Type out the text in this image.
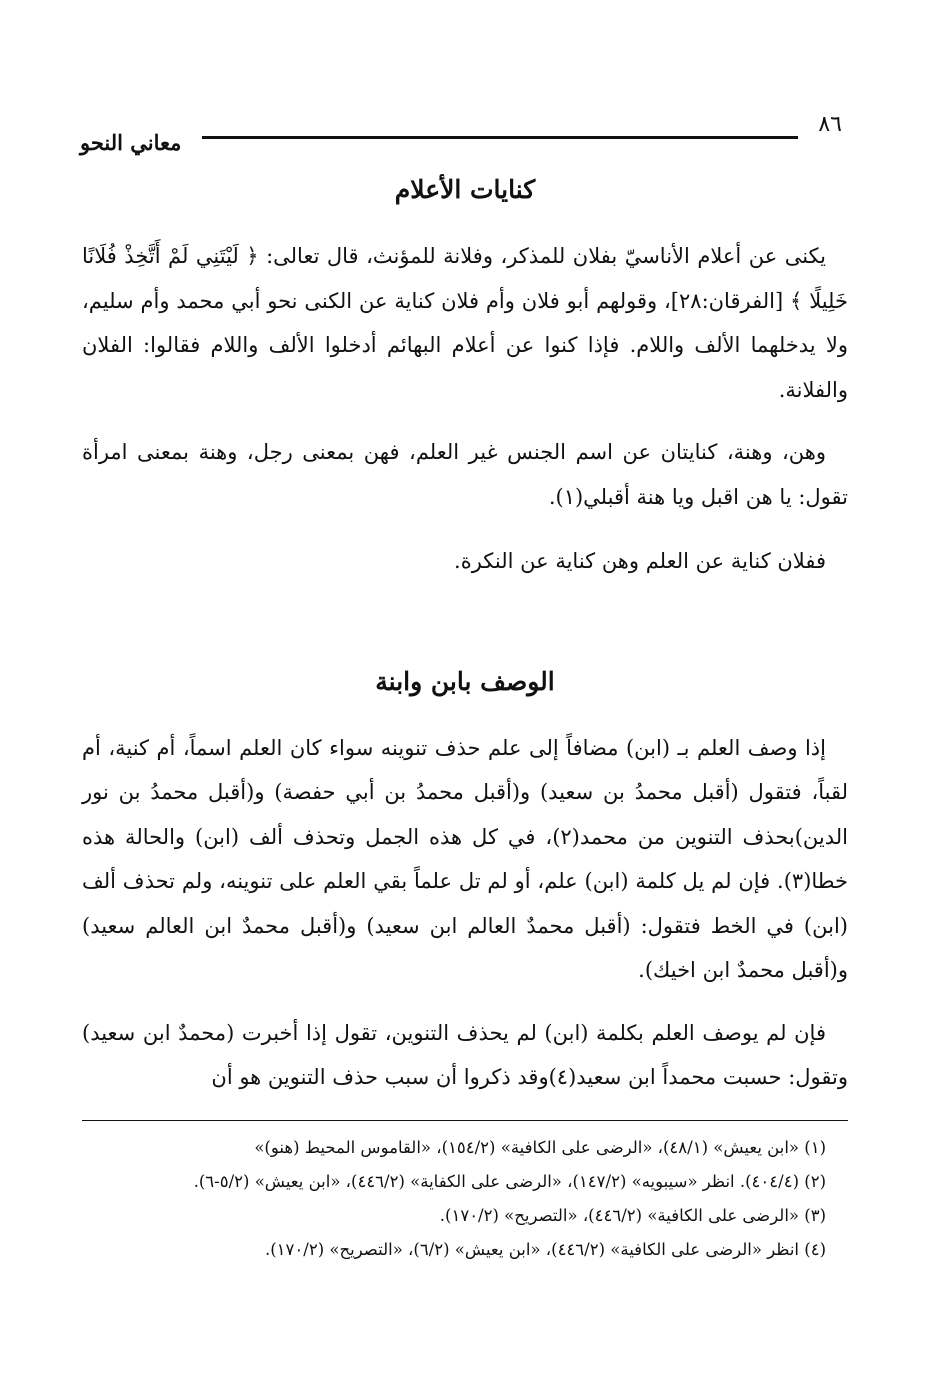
٨٦
معاني النحو
كنايات الأعلام

يكنى عن أعلام الأناسيّ بفلان للمذكر، وفلانة للمؤنث، قال تعالى: ﴿ لَيْتَنِي لَمْ أَتَّخِذْ فُلَانًا خَلِيلًا ﴾ [الفرقان:٢٨]، وقولهم أبو فلان وأم فلان كناية عن الكنى نحو أبي محمد وأم سليم، ولا يدخلهما الألف واللام. فإذا كنوا عن أعلام البهائم أدخلوا الألف واللام فقالوا: الفلان والفلانة.

وهن، وهنة، كنايتان عن اسم الجنس غير العلم، فهن بمعنى رجل، وهنة بمعنى امرأة تقول: يا هن اقبل ويا هنة أقبلي(١).

ففلان كناية عن العلم وهن كناية عن النكرة.

الوصف بابن وابنة

إذا وصف العلم بـ (ابن) مضافاً إلى علم حذف تنوينه سواء كان العلم اسماً، أم كنية، أم لقباً، فتقول (أقبل محمدُ بن سعيد) و(أقبل محمدُ بن أبي حفصة) و(أقبل محمدُ بن نور الدين)بحذف التنوين من محمد(٢)، في كل هذه الجمل وتحذف ألف (ابن) والحالة هذه خطا(٣). فإن لم يل كلمة (ابن) علم، أو لم تل علماً بقي العلم على تنوينه، ولم تحذف ألف (ابن) في الخط فتقول: (أقبل محمدٌ العالم ابن سعيد) و(أقبل محمدٌ ابن العالم سعيد) و(أقبل محمدٌ ابن اخيك).

فإن لم يوصف العلم بكلمة (ابن) لم يحذف التنوين، تقول إذا أخبرت (محمدٌ ابن سعيد) وتقول: حسبت محمداً ابن سعيد(٤)وقد ذكروا أن سبب حذف التنوين هو أن

(١) «ابن يعيش» (٤٨/١)، «الرضى على الكافية» (١٥٤/٢)، «القاموس المحيط (هنو)»

(٢) (٤٠٤/٤). انظر «سيبويه» (١٤٧/٢)، «الرضى على الكفاية» (٤٤٦/٢)، «ابن يعيش» (٥/٢-٦).

(٣) «الرضى على الكافية» (٤٤٦/٢)، «التصريح» (١٧٠/٢).

(٤) انظر «الرضى على الكافية» (٤٤٦/٢)، «ابن يعيش» (٦/٢)، «التصريح» (١٧٠/٢).
